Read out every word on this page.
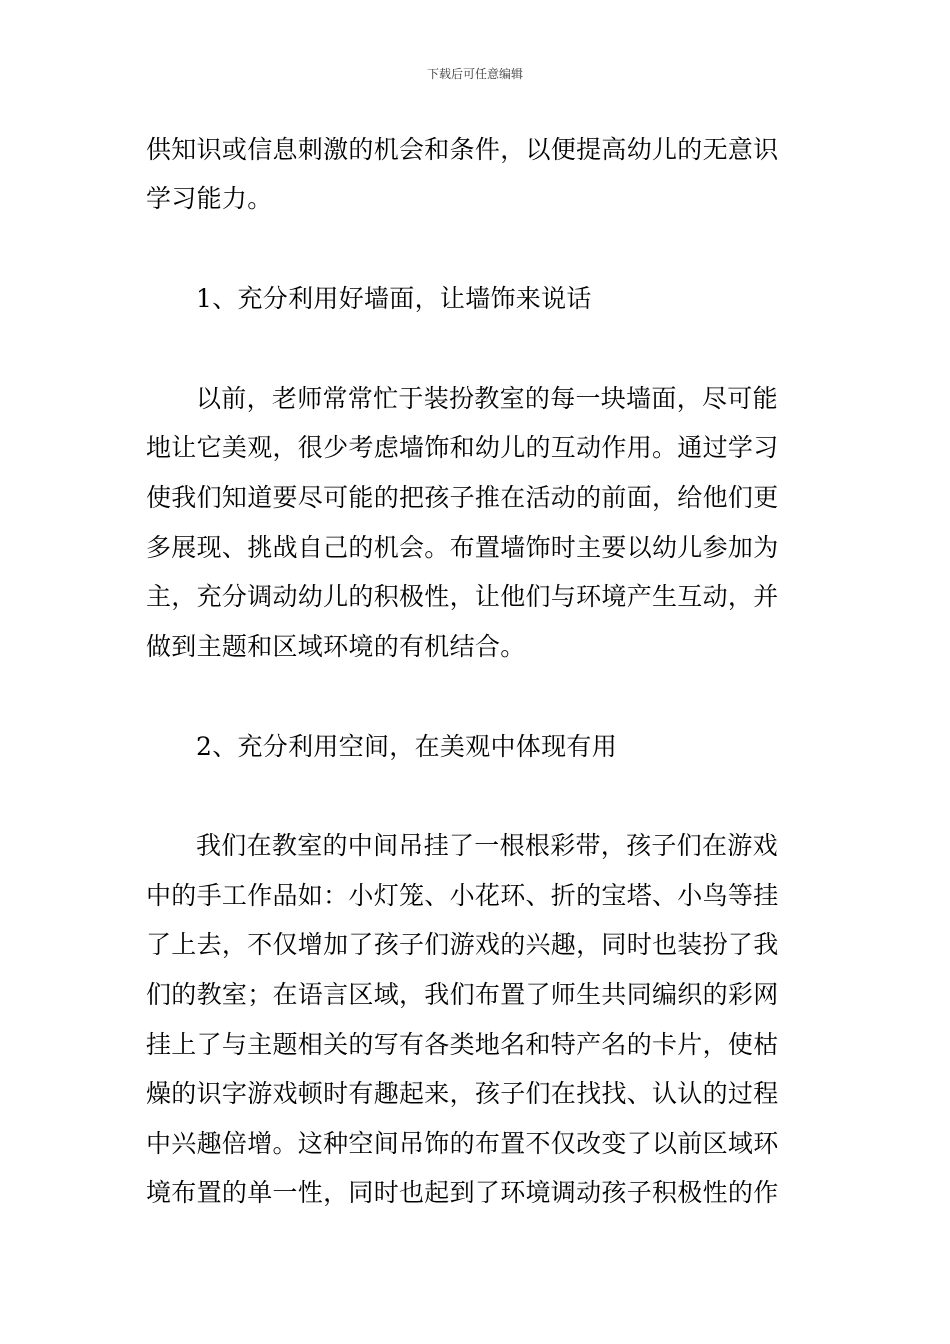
下载后可任意编辑
供知识或信息刺激的机会和条件，以便提高幼儿的无意识
学习能力。
1、充分利用好墙面，让墙饰来说话
以前，老师常常忙于装扮教室的每一块墙面，尽可能
地让它美观，很少考虑墙饰和幼儿的互动作用。通过学习
使我们知道要尽可能的把孩子推在活动的前面，给他们更
多展现、挑战自己的机会。布置墙饰时主要以幼儿参加为
主，充分调动幼儿的积极性，让他们与环境产生互动，并
做到主题和区域环境的有机结合。
2、充分利用空间，在美观中体现有用
我们在教室的中间吊挂了一根根彩带，孩子们在游戏
中的手工作品如：小灯笼、小花环、折的宝塔、小鸟等挂
了上去，不仅增加了孩子们游戏的兴趣，同时也装扮了我
们的教室；在语言区域，我们布置了师生共同编织的彩网
挂上了与主题相关的写有各类地名和特产名的卡片，使枯
燥的识字游戏顿时有趣起来，孩子们在找找、认认的过程
中兴趣倍增。这种空间吊饰的布置不仅改变了以前区域环
境布置的单一性，同时也起到了环境调动孩子积极性的作
